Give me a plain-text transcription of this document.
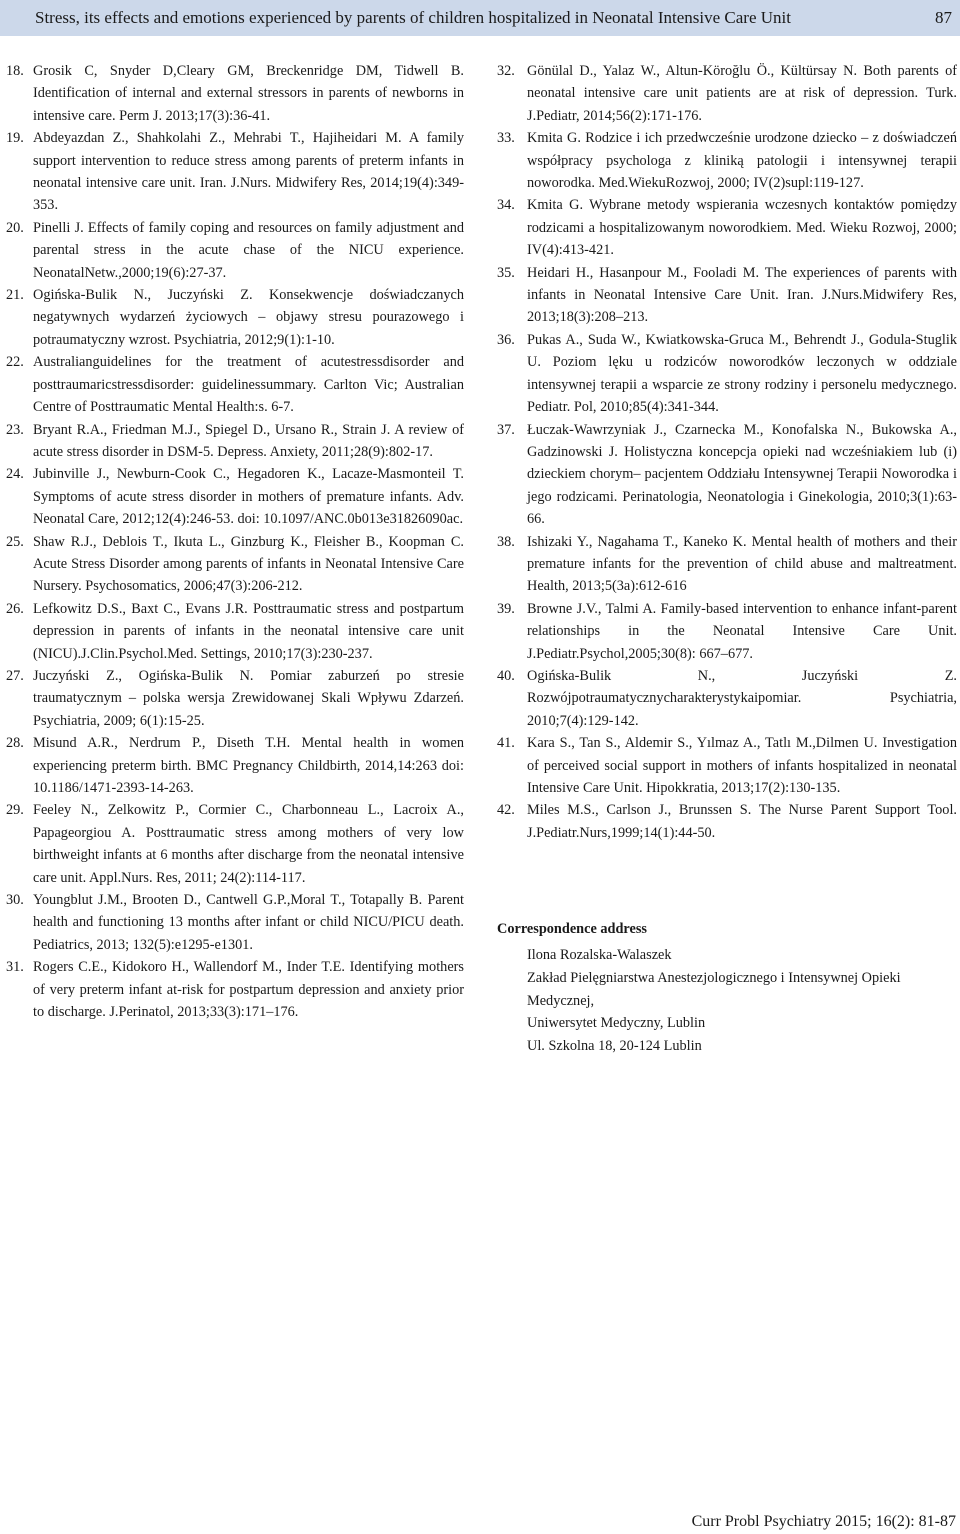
Stress, its effects and emotions experienced by parents of children hospitalized in Neonatal Intensive Care Unit	87
18. Grosik C, Snyder D,Cleary GM, Breckenridge DM, Tidwell B. Identification of internal and external stressors in parents of newborns in intensive care. Perm J. 2013;17(3):36-41.
19. Abdeyazdan Z., Shahkolahi Z., Mehrabi T., Hajiheidari M. A family support intervention to reduce stress among parents of preterm infants in neonatal intensive care unit. Iran. J.Nurs. Midwifery Res, 2014;19(4):349-353.
20. Pinelli J. Effects of family coping and resources on family adjustment and parental stress in the acute chase of the NICU experience. NeonatalNetw.,2000;19(6):27-37.
21. Ogińska-Bulik N., Juczyński Z. Konsekwencje doświadczanych negatywnych wydarzeń życiowych – objawy stresu pourazowego i potraumatyczny wzrost. Psychiatria, 2012;9(1):1-10.
22. Australianguidelines for the treatment of acutestressdisorder and posttraumaricstressdisorder: guidelinessummary. Carlton Vic; Australian Centre of Posttraumatic Mental Health:s. 6-7.
23. Bryant R.A., Friedman M.J., Spiegel D., Ursano R., Strain J. A review of acute stress disorder in DSM-5. Depress. Anxiety, 2011;28(9):802-17.
24. Jubinville J., Newburn-Cook C., Hegadoren K., Lacaze-Masmonteil T. Symptoms of acute stress disorder in mothers of premature infants. Adv. Neonatal Care, 2012;12(4):246-53. doi: 10.1097/ANC.0b013e31826090ac.
25. Shaw R.J., Deblois T., Ikuta L., Ginzburg K., Fleisher B., Koopman C. Acute Stress Disorder among parents of infants in Neonatal Intensive Care Nursery. Psychosomatics, 2006;47(3):206-212.
26. Lefkowitz D.S., Baxt C., Evans J.R. Posttraumatic stress and postpartum depression in parents of infants in the neonatal intensive care unit (NICU).J.Clin.Psychol.Med. Settings, 2010;17(3):230-237.
27. Juczyński Z., Ogińska-Bulik N. Pomiar zaburzeń po stresie traumatycznym – polska wersja Zrewidowanej Skali Wpływu Zdarzeń. Psychiatria, 2009; 6(1):15-25.
28. Misund A.R., Nerdrum P., Diseth T.H. Mental health in women experiencing preterm birth. BMC Pregnancy Childbirth, 2014,14:263 doi: 10.1186/1471-2393-14-263.
29. Feeley N., Zelkowitz P., Cormier C., Charbonneau L., Lacroix A., Papageorgiou A. Posttraumatic stress among mothers of very low birthweight infants at 6 months after discharge from the neonatal intensive care unit. Appl.Nurs. Res, 2011; 24(2):114-117.
30. Youngblut J.M., Brooten D., Cantwell G.P.,Moral T., Totapally B. Parent health and functioning 13 months after infant or child NICU/PICU death. Pediatrics, 2013; 132(5):e1295-e1301.
31. Rogers C.E., Kidokoro H., Wallendorf M., Inder T.E. Identifying mothers of very preterm infant at-risk for postpartum depression and anxiety prior to discharge. J.Perinatol, 2013;33(3):171–176.
32. Gönülal D., Yalaz W., Altun-Köroğlu Ö., Kültürsay N. Both parents of neonatal intensive care unit patients are at risk of depression. Turk. J.Pediatr, 2014;56(2):171-176.
33. Kmita G. Rodzice i ich przedwcześnie urodzone dziecko – z doświadczeń współpracy psychologa z kliniką patologii i intensywnej terapii noworodka. Med.WiekuRozwoj, 2000; IV(2)supl:119-127.
34. Kmita G. Wybrane metody wspierania wczesnych kontaktów pomiędzy rodzicami a hospitalizowanym noworodkiem. Med. Wieku Rozwoj, 2000; IV(4):413-421.
35. Heidari H., Hasanpour M., Fooladi M. The experiences of parents with infants in Neonatal Intensive Care Unit. Iran. J.Nurs.Midwifery Res, 2013;18(3):208–213.
36. Pukas A., Suda W., Kwiatkowska-Gruca M., Behrendt J., Godula-Stuglik U. Poziom lęku u rodziców noworodków leczonych w oddziale intensywnej terapii a wsparcie ze strony rodziny i personelu medycznego. Pediatr. Pol, 2010;85(4):341-344.
37. Łuczak-Wawrzyniak J., Czarnecka M., Konofalska N., Bukowska A., Gadzinowski J. Holistyczna koncepcja opieki nad wcześniakiem lub (i) dzieckiem chorym– pacjentem Oddziału Intensywnej Terapii Noworodka i jego rodzicami. Perinatologia, Neonatologia i Ginekologia, 2010;3(1):63-66.
38. Ishizaki Y., Nagahama T., Kaneko K. Mental health of mothers and their premature infants for the prevention of child abuse and maltreatment. Health, 2013;5(3a):612-616
39. Browne J.V., Talmi A. Family-based intervention to enhance infant-parent relationships in the Neonatal Intensive Care Unit. J.Pediatr.Psychol,2005;30(8): 667–677.
40. Ogińska-Bulik N., Juczyński Z. Rozwójpotraumatycznycharakterystykaipomiar. Psychiatria, 2010;7(4):129-142.
41. Kara S., Tan S., Aldemir S., Yılmaz A., Tatlı M.,Dilmen U. Investigation of perceived social support in mothers of infants hospitalized in neonatal Intensive Care Unit. Hipokkratia, 2013;17(2):130-135.
42. Miles M.S., Carlson J., Brunssen S. The Nurse Parent Support Tool. J.Pediatr.Nurs,1999;14(1):44-50.
Correspondence address
Ilona Rozalska-Walaszek
Zakład Pielęgniarstwa Anestezjologicznego i Intensywnej Opieki Medycznej,
Uniwersytet Medyczny, Lublin
Ul. Szkolna 18, 20-124 Lublin
Curr Probl Psychiatry 2015; 16(2): 81-87
